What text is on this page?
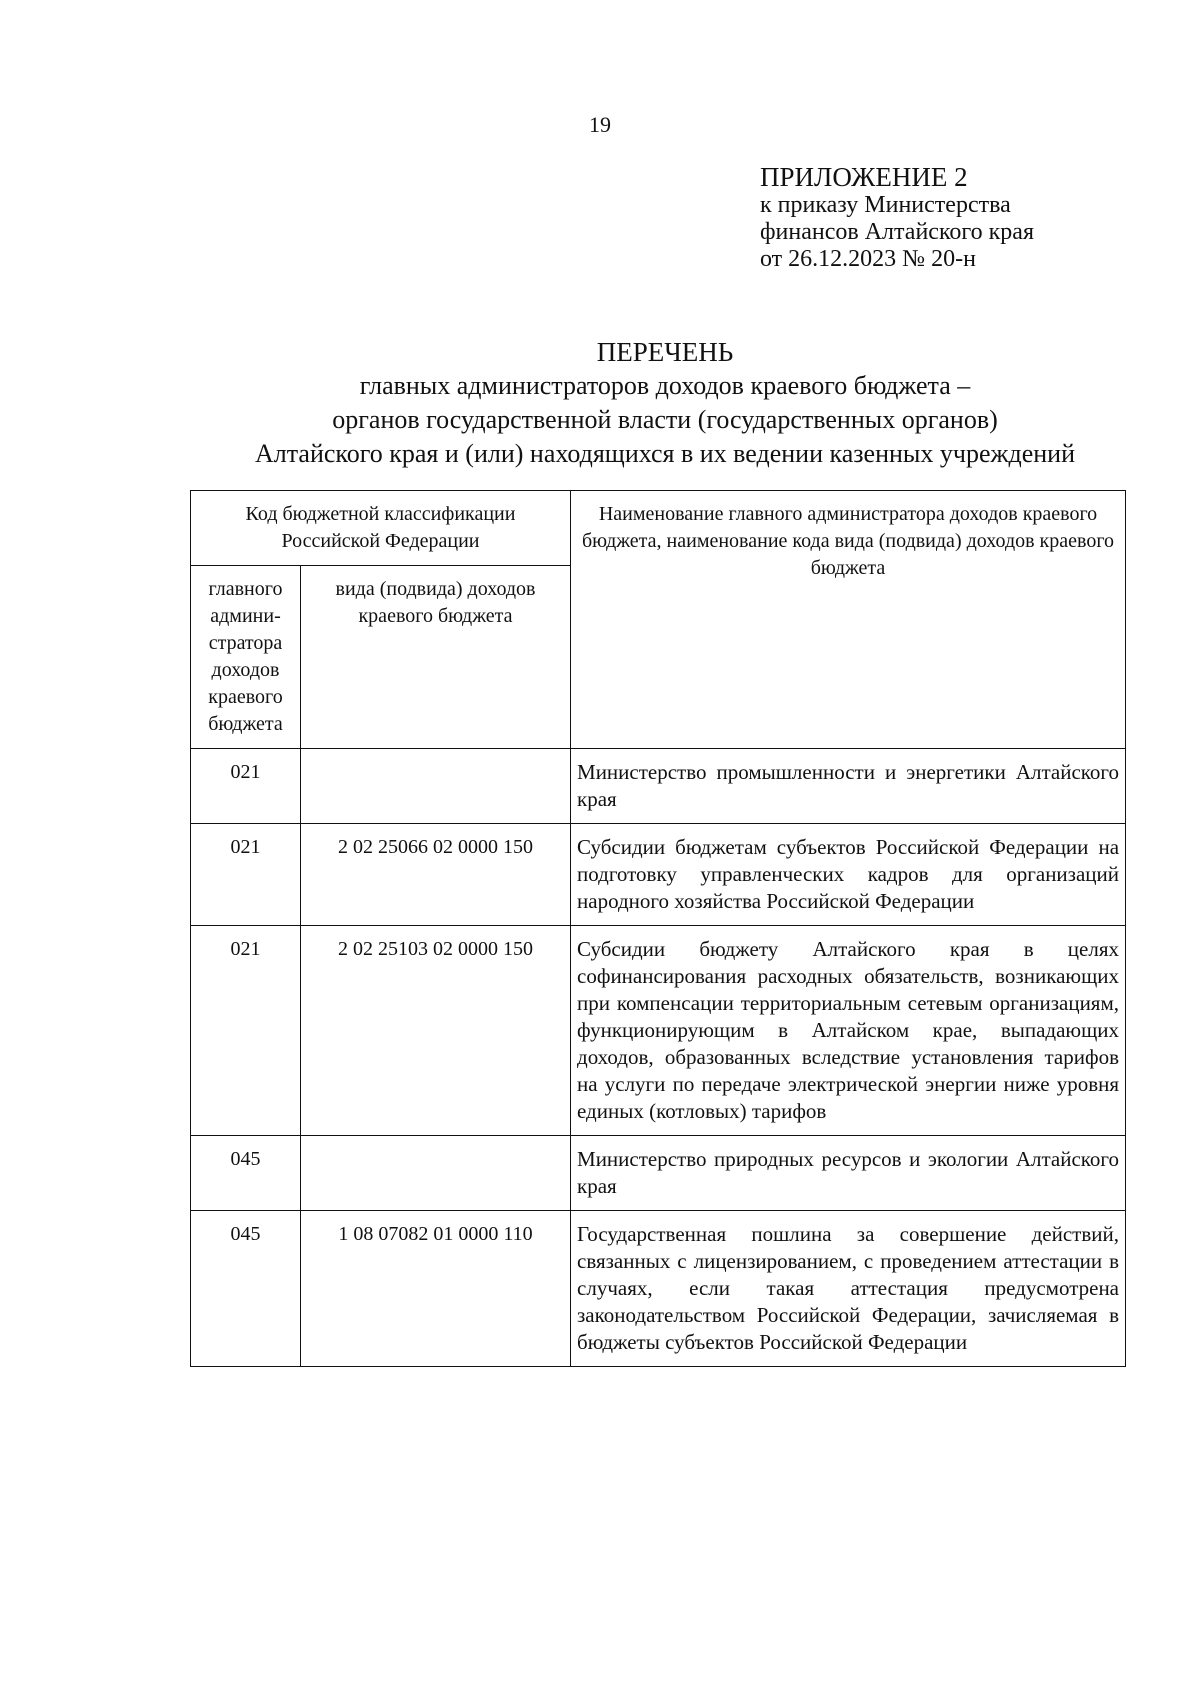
19
ПРИЛОЖЕНИЕ 2
к приказу Министерства
финансов Алтайского края
от 26.12.2023 № 20-н
ПЕРЕЧЕНЬ
главных администраторов доходов краевого бюджета –
органов государственной власти (государственных органов)
Алтайского края и (или) находящихся в их ведении казенных учреждений
Код бюджетной классификации Российской Федерации		Наименование главного администратора доходов краевого бюджета, наименование кода вида (подвида) доходов краевого бюджета
главного админи-стратора доходов краевого бюджета	вида (подвида) доходов краевого бюджета	
021		Министерство промышленности и энергетики Алтайского края
021	2 02 25066 02 0000 150	Субсидии бюджетам субъектов Российской Федерации на подготовку управленческих кадров для организаций народного хозяйства Российской Федерации
021	2 02 25103 02 0000 150	Субсидии бюджету Алтайского края в целях софинансирования расходных обязательств, возникающих при компенсации территориальным сетевым организациям, функционирующим в Алтайском крае, выпадающих доходов, образованных вследствие установления тарифов на услуги по передаче электрической энергии ниже уровня единых (котловых) тарифов
045		Министерство природных ресурсов и экологии Алтайского края
045	1 08 07082 01 0000 110	Государственная пошлина за совершение действий, связанных с лицензированием, с проведением аттестации в случаях, если такая аттестация предусмотрена законодательством Российской Федерации, зачисляемая в бюджеты субъектов Российской Федерации
